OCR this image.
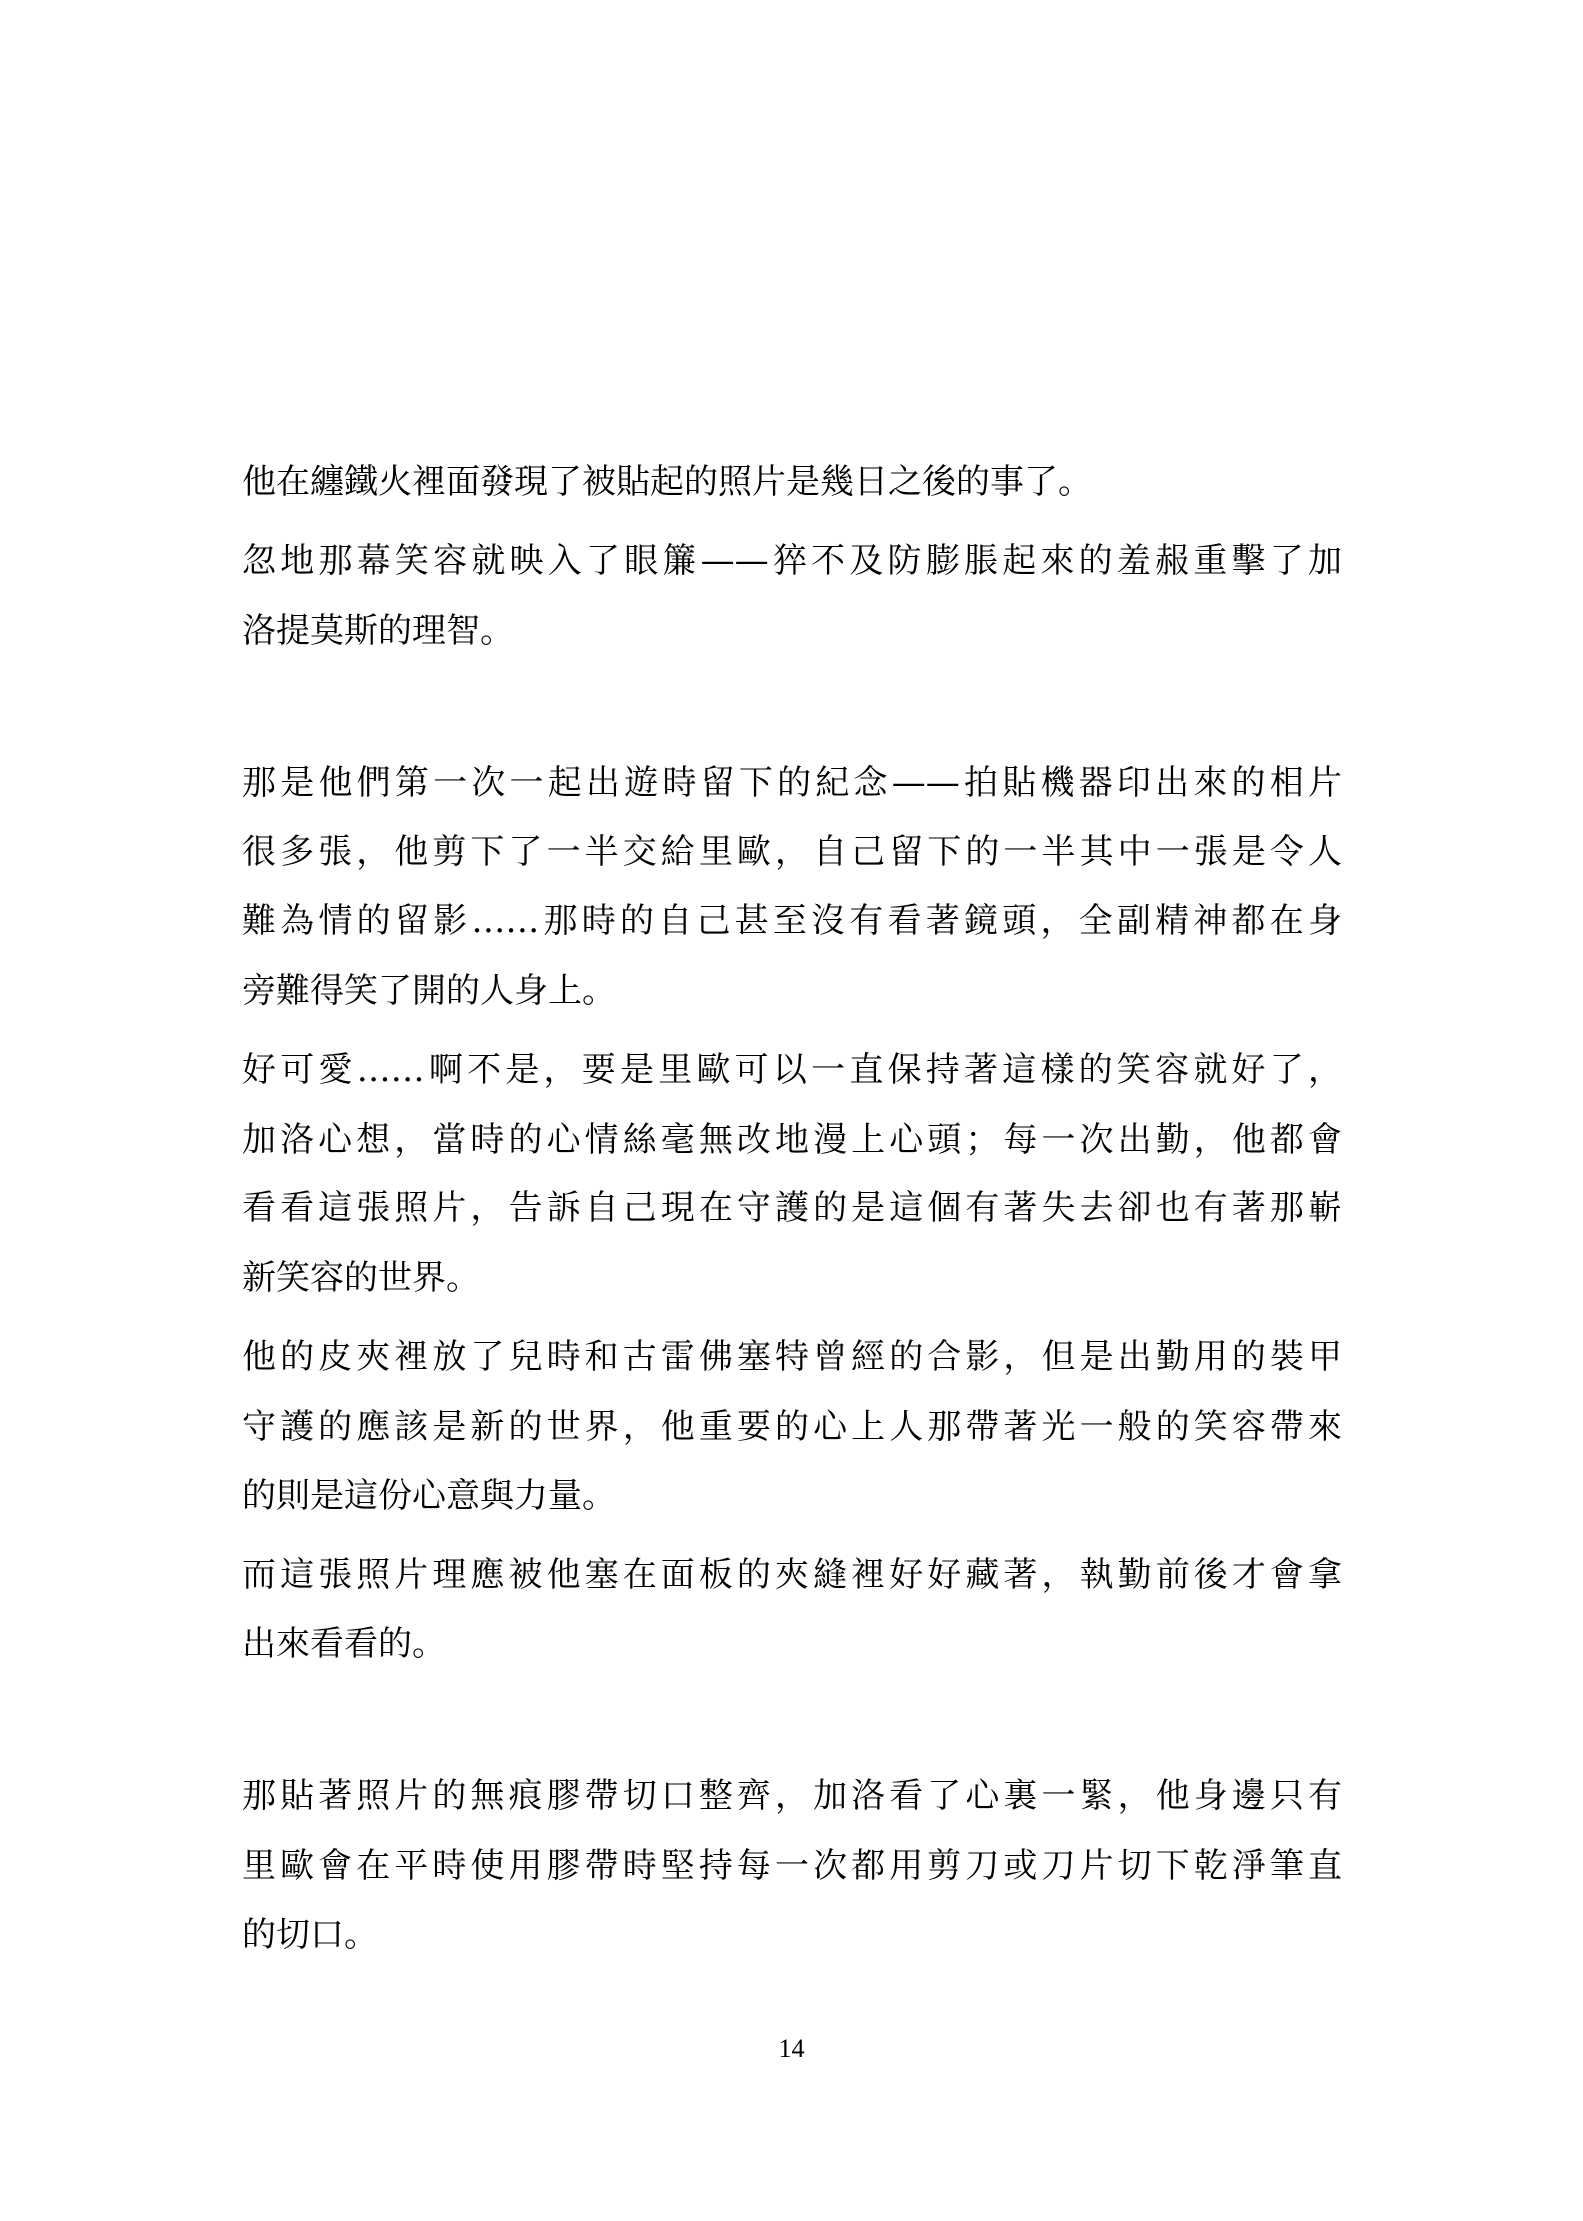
他在纏鐵火裡面發現了被貼起的照片是幾日之後的事了。
忽地那幕笑容就映入了眼簾——猝不及防膨脹起來的羞赧重擊了加
洛提莫斯的理智。
那是他們第一次一起出遊時留下的紀念——拍貼機器印出來的相片
很多張，他剪下了一半交給里歐，自己留下的一半其中一張是令人
難為情的留影……那時的自己甚至沒有看著鏡頭，全副精神都在身
旁難得笑了開的人身上。
好可愛……啊不是，要是里歐可以一直保持著這樣的笑容就好了，
加洛心想，當時的心情絲毫無改地漫上心頭；每一次出勤，他都會
看看這張照片，告訴自己現在守護的是這個有著失去卻也有著那嶄
新笑容的世界。
他的皮夾裡放了兒時和古雷佛塞特曾經的合影，但是出勤用的裝甲
守護的應該是新的世界，他重要的心上人那帶著光一般的笑容帶來
的則是這份心意與力量。
而這張照片理應被他塞在面板的夾縫裡好好藏著，執勤前後才會拿
出來看看的。
那貼著照片的無痕膠帶切口整齊，加洛看了心裏一緊，他身邊只有
里歐會在平時使用膠帶時堅持每一次都用剪刀或刀片切下乾淨筆直
的切口。
14
